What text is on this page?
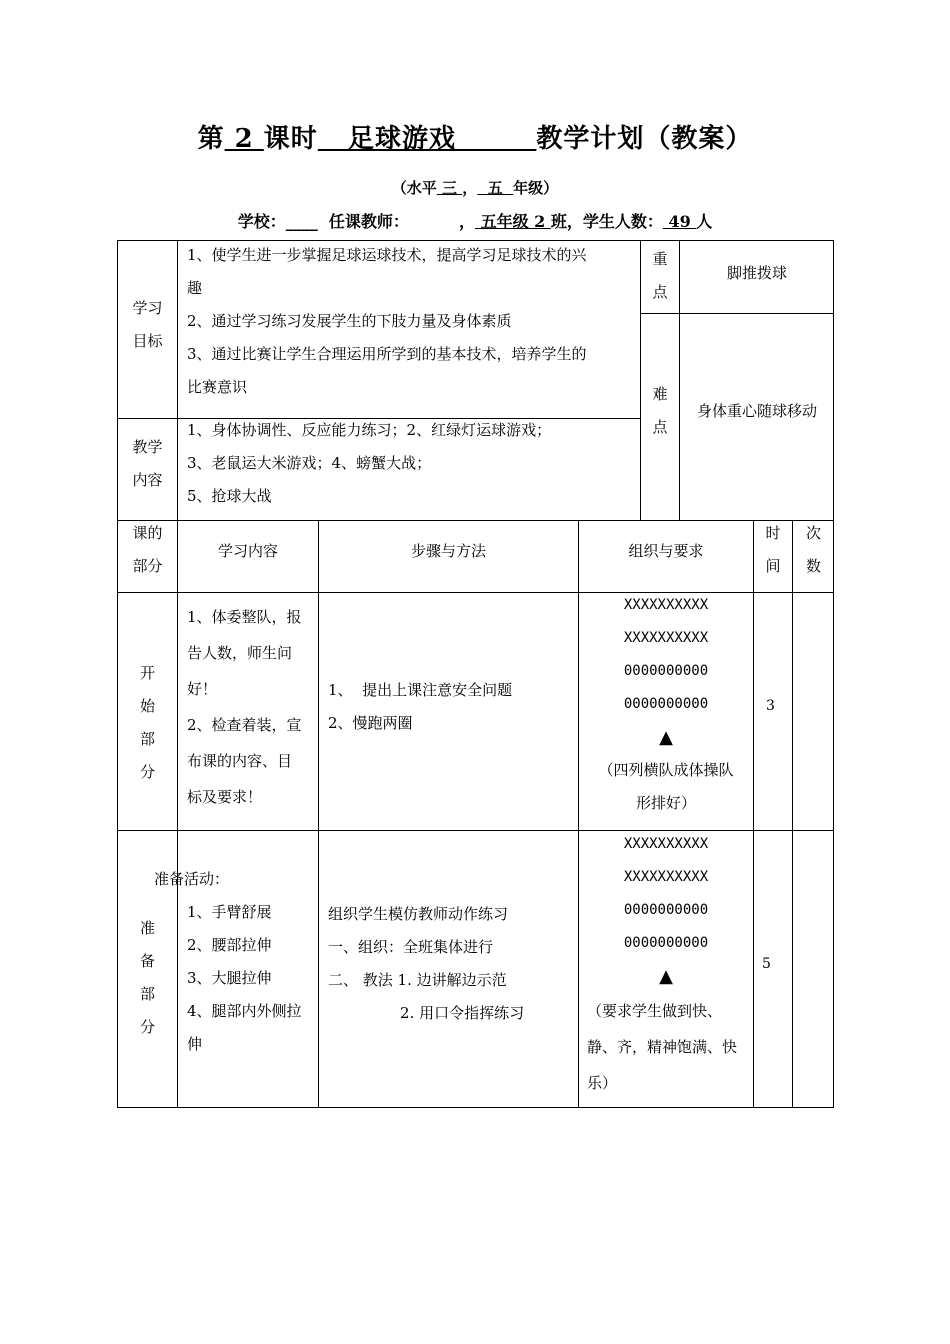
第 2 课时   足球游戏        教学计划（教案）
（水平 三 ，  五  年级）
学校：____  任课教师：         ， 五年级 2 班，学生人数： 49 人
学习目标
1、使学生进一步掌握足球运球技术，提高学习足球技术的兴
趣
2、通过学习练习发展学生的下肢力量及身体素质
3、通过比赛让学生合理运用所学到的基本技术，培养学生的
比赛意识
教学内容
1、身体协调性、反应能力练习；2、红绿灯运球游戏；
3、老鼠运大米游戏；4、螃蟹大战；
5、抢球大战
重点
脚推拨球
难点
身体重心随球移动
课的部分
学习内容	步骤与方法	组织与要求
时间
次数
开始部分
1、体委整队，报
告人数，师生问
好！
2、检查着装，宣
布课的内容、目
标及要求！
1、  提出上课注意安全问题
2、慢跑两圈
XXXXXXXXXX
XXXXXXXXXX
0000000000
0000000000
▲
（四列横队成体操队
形排好）
3
准备活动：
准备部分
1、手臂舒展
2、腰部拉伸
3、大腿拉伸
4、腿部内外侧拉
伸
组织学生模仿教师动作练习
一、组织：全班集体进行
二、 教法 1. 边讲解边示范
2. 用口令指挥练习
XXXXXXXXXX
XXXXXXXXXX
0000000000
0000000000
▲
（要求学生做到快、
静、齐，精神饱满、快
乐）
5
